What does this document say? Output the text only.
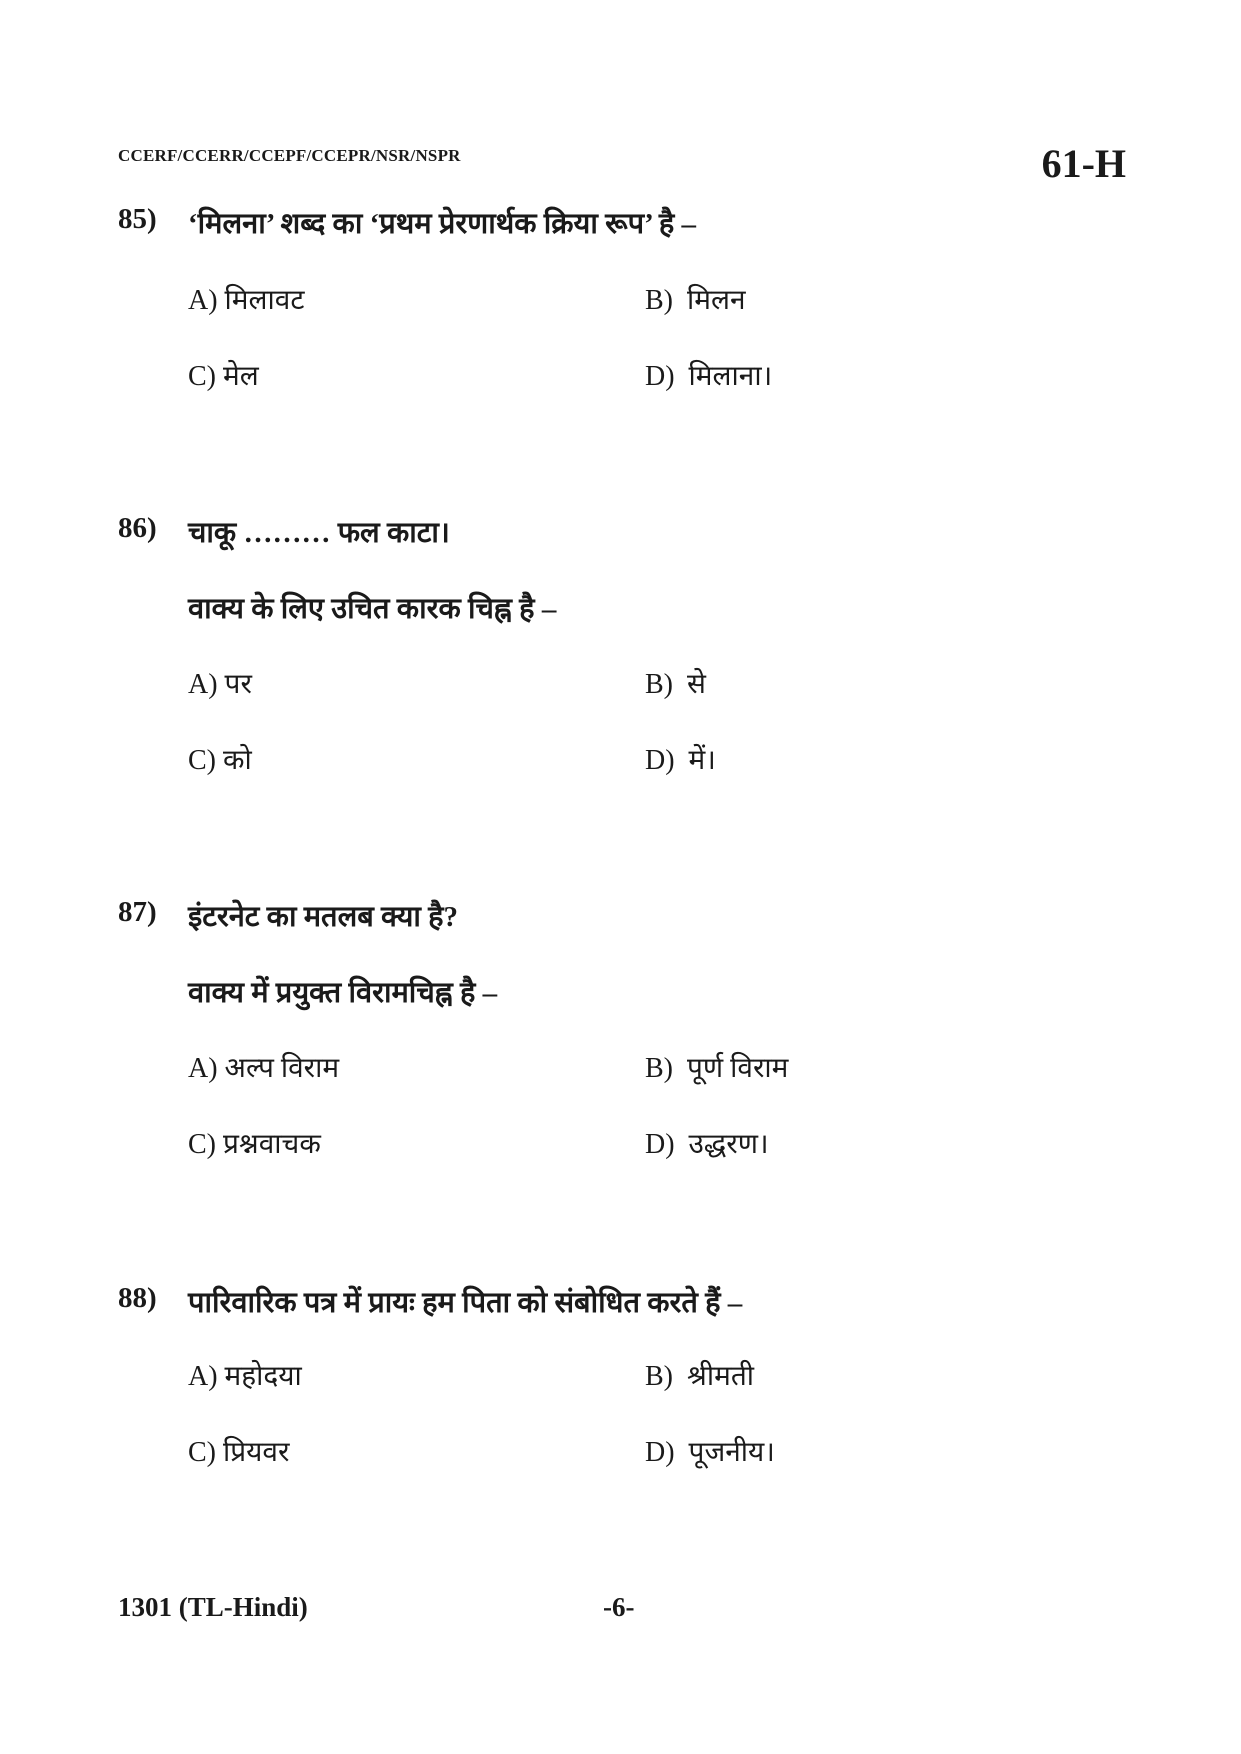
CCERF/CCERR/CCEPF/CCEPR/NSR/NSPR	61-H
85) ‘मिलना’ शब्द का ‘प्रथम प्रेरणार्थक क्रिया रूप’ है –
A) मिलावट	B) मिलन
C) मेल	D) मिलाना।
86) चाकू ……… फल काटा।
वाक्य के लिए उचित कारक चिह्न है –
A) पर	B) से
C) को	D) में।
87) इंटरनेट का मतलब क्या है?
वाक्य में प्रयुक्त विरामचिह्न है –
A) अल्प विराम	B) पूर्ण विराम
C) प्रश्नवाचक	D) उद्धरण।
88) पारिवारिक पत्र में प्रायः हम पिता को संबोधित करते हैं –
A) महोदया	B) श्रीमती
C) प्रियवर	D) पूजनीय।
1301 (TL-Hindi)	-6-
